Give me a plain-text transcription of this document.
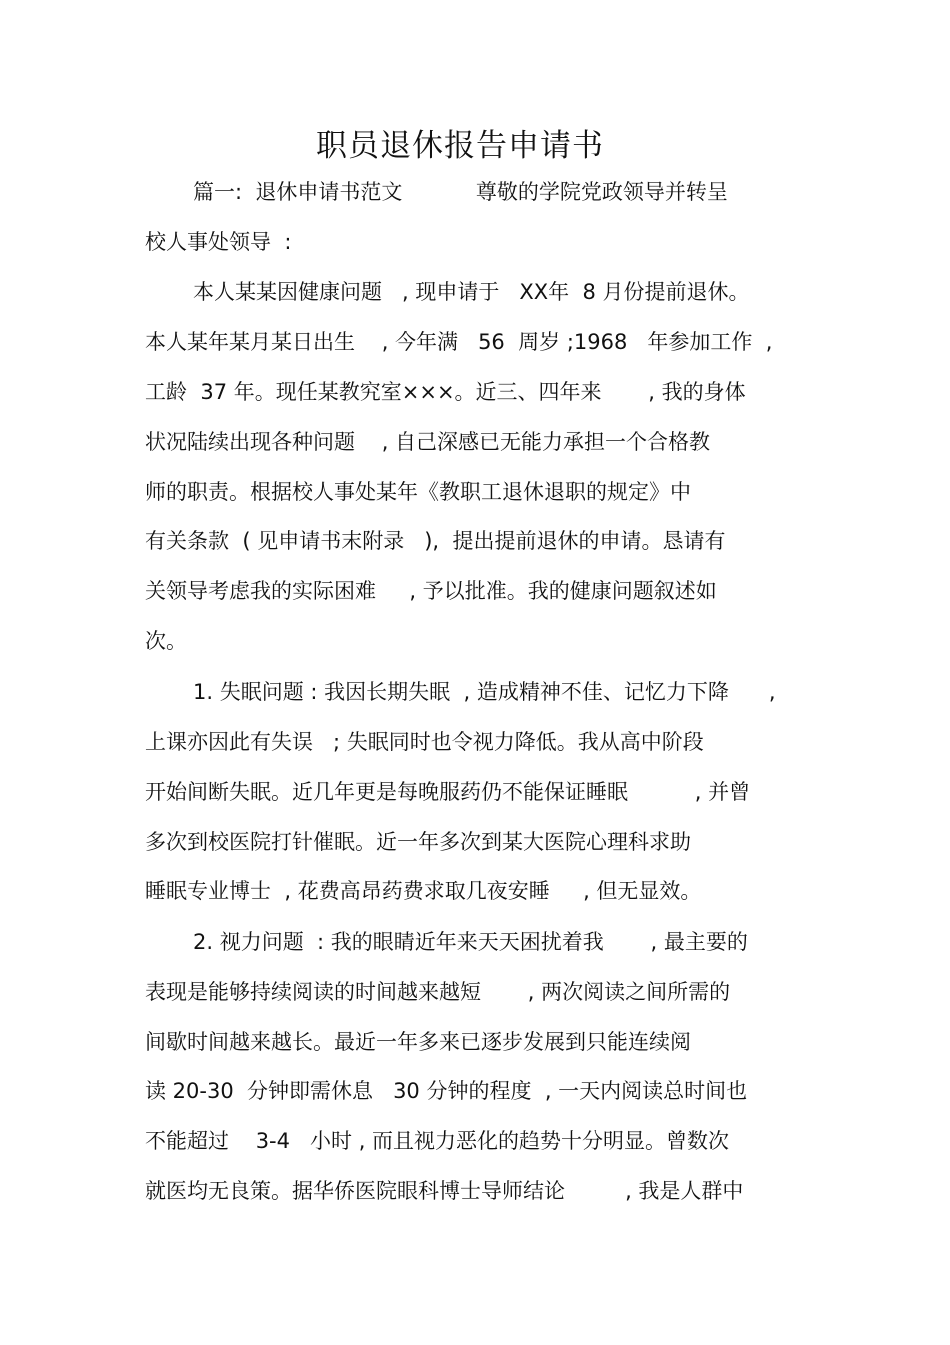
职员退休报告申请书
篇一:  退休申请书范文           尊敬的学院党政领导并转呈
校人事处领导  :
本人某某因健康问题   , 现申请于   XX年  8 月份提前退休。
本人某年某月某日出生    , 今年满   56  周岁 ;1968   年参加工作  ,
工龄  37 年。现任某教究室×××。近三、四年来       , 我的身体
状况陆续出现各种问题    , 自己深感已无能力承担一个合格教
师的职责。根据校人事处某年《教职工退休退职的规定》中
有关条款  ( 见申请书末附录   ),  提出提前退休的申请。恳请有
关领导考虑我的实际困难     , 予以批准。我的健康问题叙述如
次。
1. 失眠问题 : 我因长期失眠  , 造成精神不佳、记忆力下降      ,
上课亦因此有失误   ; 失眠同时也令视力降低。我从高中阶段
开始间断失眠。近几年更是每晚服药仍不能保证睡眠          , 并曾
多次到校医院打针催眠。近一年多次到某大医院心理科求助
睡眠专业博士  , 花费高昂药费求取几夜安睡     , 但无显效。
2. 视力问题  : 我的眼睛近年来天天困扰着我       , 最主要的
表现是能够持续阅读的时间越来越短       , 两次阅读之间所需的
间歇时间越来越长。最近一年多来已逐步发展到只能连续阅
读 20-30  分钟即需休息   30 分钟的程度  , 一天内阅读总时间也
不能超过    3-4   小时 , 而且视力恶化的趋势十分明显。曾数次
就医均无良策。据华侨医院眼科博士导师结论         , 我是人群中
